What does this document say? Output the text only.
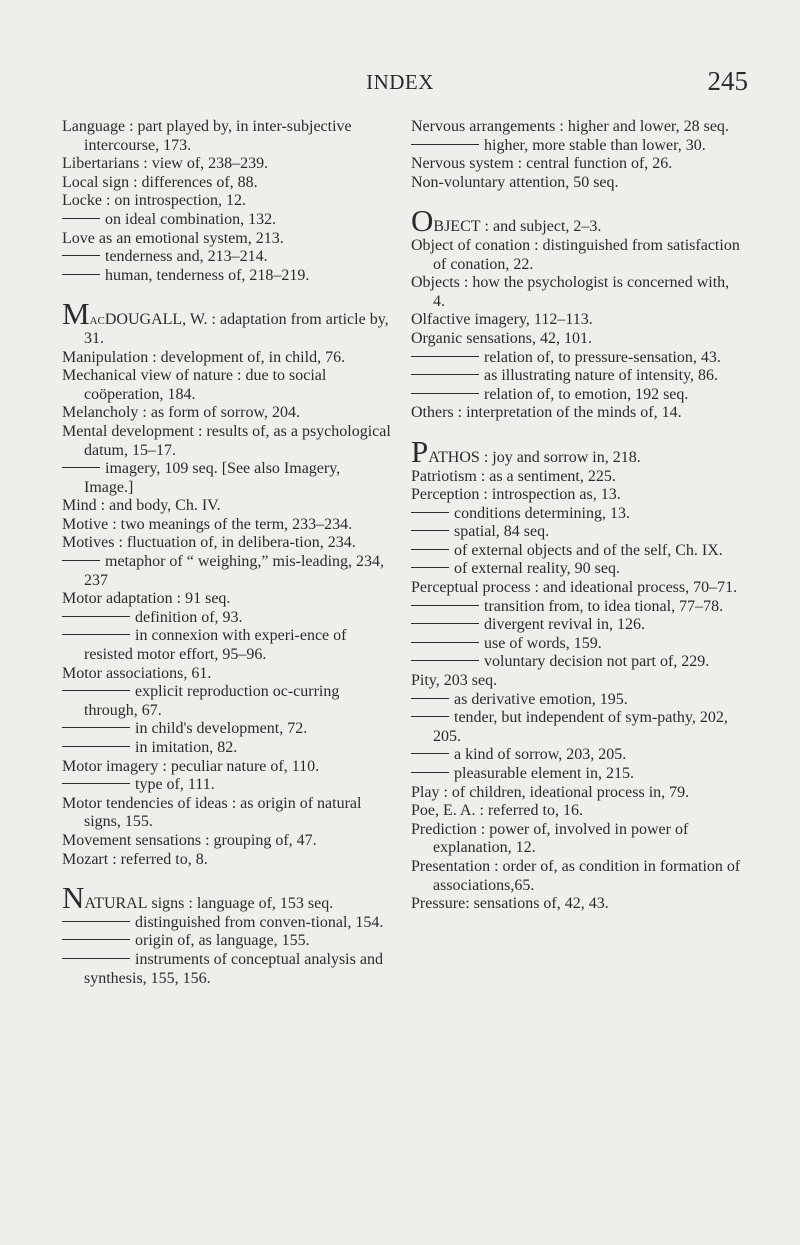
INDEX	245

Language : part played by, in inter-subjective intercourse, 173.

Libertarians : view of, 238–239.

Local sign : differences of, 88.

Locke : on introspection, 12.

on ideal combination, 132.

Love as an emotional system, 213.

tenderness and, 213–214.

human, tenderness of, 218–219.

MacDOUGALL, W. : adaptation from article by, 31.

Manipulation : development of, in child, 76.

Mechanical view of nature : due to social coöperation, 184.

Melancholy : as form of sorrow, 204.

Mental development : results of, as a psychological datum, 15–17.

imagery, 109 seq. [See also Imagery, Image.]

Mind : and body, Ch. IV.

Motive : two meanings of the term, 233–234.

Motives : fluctuation of, in delibera-tion, 234.

metaphor of “ weighing,” mis-leading, 234, 237

Motor adaptation : 91 seq.

definition of, 93.

in connexion with experi-ence of resisted motor effort, 95–96.

Motor associations, 61.

explicit reproduction oc-curring through, 67.

in child's development, 72.

in imitation, 82.

Motor imagery : peculiar nature of, 110.

type of, 111.

Motor tendencies of ideas : as origin of natural signs, 155.

Movement sensations : grouping of, 47.

Mozart : referred to, 8.

NATURAL signs : language of, 153 seq.

distinguished from conven-tional, 154.

origin of, as language, 155.

instruments of conceptual analysis and synthesis, 155, 156.

Nervous arrangements : higher and lower, 28 seq.

higher, more stable than lower, 30.

Nervous system : central function of, 26.

Non-voluntary attention, 50 seq.

OBJECT : and subject, 2–3.

Object of conation : distinguished from satisfaction of conation, 22.

Objects : how the psychologist is concerned with, 4.

Olfactive imagery, 112–113.

Organic sensations, 42, 101.

relation of, to pressure-sensation, 43.

as illustrating nature of intensity, 86.

relation of, to emotion, 192 seq.

Others : interpretation of the minds of, 14.

PATHOS : joy and sorrow in, 218.

Patriotism : as a sentiment, 225.

Perception : introspection as, 13.

conditions determining, 13.

spatial, 84 seq.

of external objects and of the self, Ch. IX.

of external reality, 90 seq.

Perceptual process : and ideational process, 70–71.

transition from, to idea tional, 77–78.

divergent revival in, 126.

use of words, 159.

voluntary decision not part of, 229.

Pity, 203 seq.

as derivative emotion, 195.

tender, but independent of sym-pathy, 202, 205.

a kind of sorrow, 203, 205.

pleasurable element in, 215.

Play : of children, ideational process in, 79.

Poe, E. A. : referred to, 16.

Prediction : power of, involved in power of explanation, 12.

Presentation : order of, as condition in formation of associations,65.

Pressure: sensations of, 42, 43.
